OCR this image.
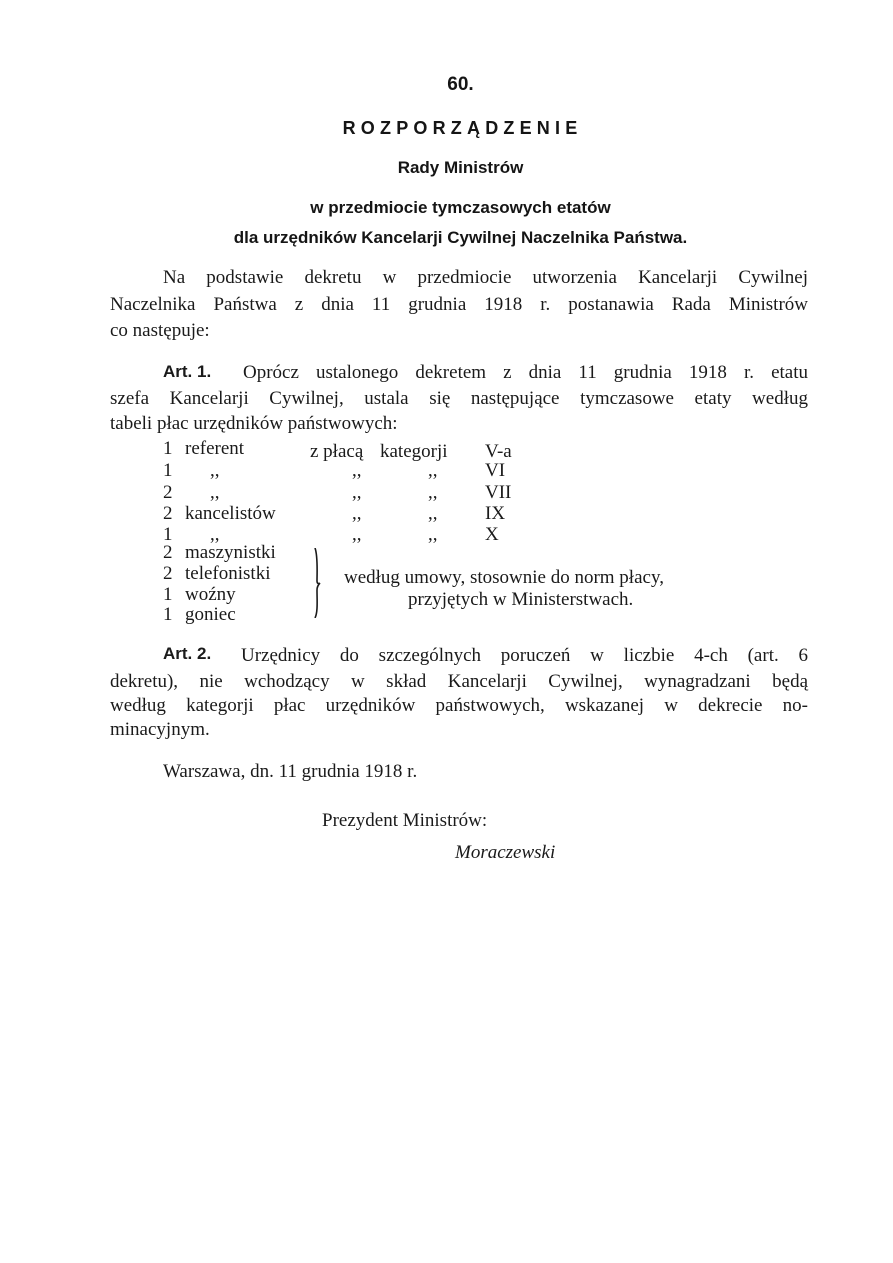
60.
ROZPORZĄDZENIE
Rady Ministrów
w przedmiocie tymczasowych etatów
dla urzędników Kancelarji Cywilnej Naczelnika Państwa.
Na podstawie dekretu w przedmiocie utworzenia Kancelarji Cywilnej
Naczelnika Państwa z dnia 11 grudnia 1918 r. postanawia Rada Ministrów
co następuje:
Art. 1. Oprócz ustalonego dekretem z dnia 11 grudnia 1918 r. etatu
szefa Kancelarji Cywilnej, ustala się następujące tymczasowe etaty według
tabeli płac urzędników państwowych:
1 referent	z płacą kategorji V-a
1 ,,	,,	,,	VI
2 ,,	,,	,,	VII
2 kancelistów	,,	,,	IX
1 ,,	,,	,,	X
2 maszynistki
2 telefonistki
1 woźny
1 goniec
według umowy, stosownie do norm płacy,
przyjętych w Ministerstwach.
Art. 2. Urzędnicy do szczególnych poruczeń w liczbie 4-ch (art. 6
dekretu), nie wchodzący w skład Kancelarji Cywilnej, wynagradzani będą
według kategorji płac urzędników państwowych, wskazanej w dekrecie no-
minacyjnym.
Warszawa, dn. 11 grudnia 1918 r.
Prezydent Ministrów:
Moraczewski
